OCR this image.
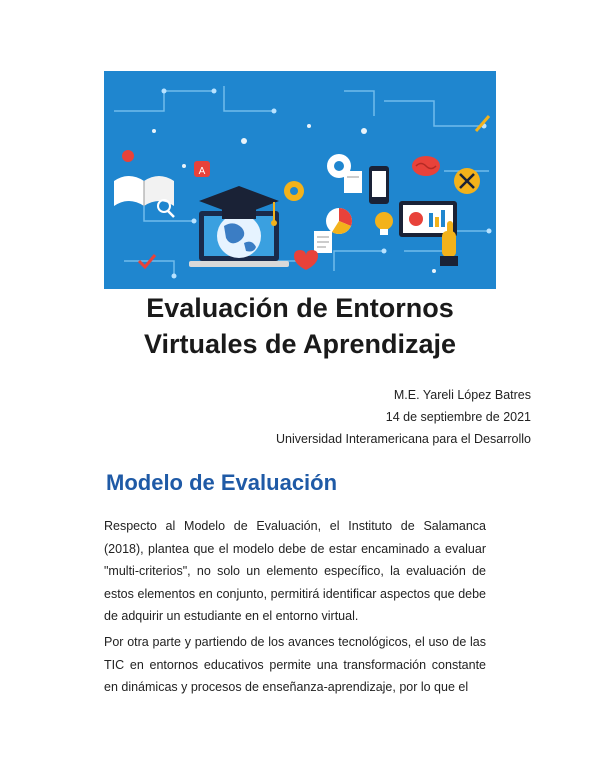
A
Evaluación de Entornos
Virtuales de Aprendizaje
M.E. Yareli López Batres
14 de septiembre de 2021
Universidad Interamericana para el Desarrollo
Modelo de Evaluación

Respecto al Modelo de Evaluación, el Instituto de Salamanca (2018), plantea que el modelo debe de estar encaminado a evaluar "multi-criterios", no solo un elemento específico, la evaluación de estos elementos en conjunto, permitirá identificar aspectos que debe de adquirir un estudiante en el entorno virtual.

Por otra parte y partiendo de los avances tecnológicos, el uso de las TIC en entornos educativos permite una transformación constante en dinámicas y procesos de enseñanza-aprendizaje, por lo que el
